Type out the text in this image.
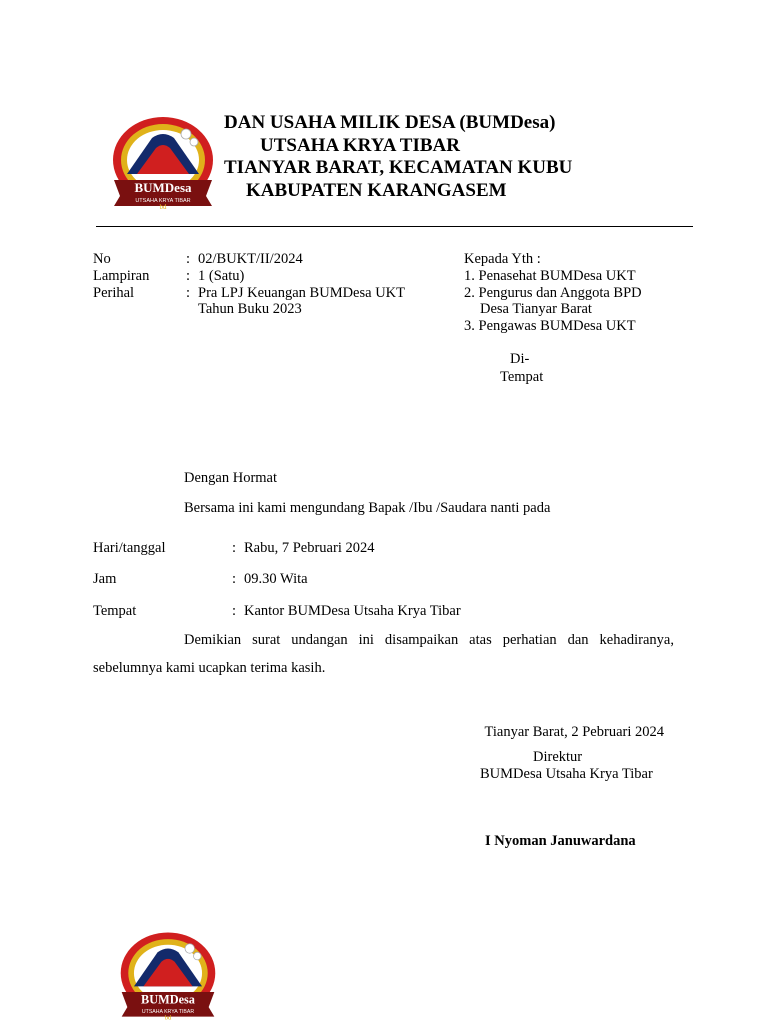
BUMDesa
UTSAHA KRYA TIBAR
bd
DAN USAHA MILIK DESA (BUMDesa)
UTSAHA KRYA TIBAR
TIANYAR BARAT, KECAMATAN KUBU
KABUPATEN KARANGASEM
No	: 02/BUKT/II/2024
Lampiran	: 1 (Satu)
Perihal	: Pra LPJ Keuangan BUMDesa UKT
Tahun Buku 2023
Kepada Yth :
1. Penasehat BUMDesa UKT
2. Pengurus dan Anggota BPD
Desa Tianyar Barat
3. Pengawas BUMDesa UKT
Di-
Tempat
Dengan Hormat
Bersama ini kami mengundang Bapak /Ibu /Saudara nanti pada
Hari/tanggal	: Rabu, 7 Pebruari 2024
Jam	: 09.30 Wita
Tempat	: Kantor BUMDesa Utsaha Krya Tibar
Demikian surat undangan ini disampaikan atas perhatian dan kehadiranya, sebelumnya kami ucapkan terima kasih.
Tianyar Barat, 2 Pebruari 2024
Direktur
BUMDesa Utsaha Krya Tibar
I Nyoman Januwardana
BUMDesa
UTSAHA KRYA TIBAR
bd
